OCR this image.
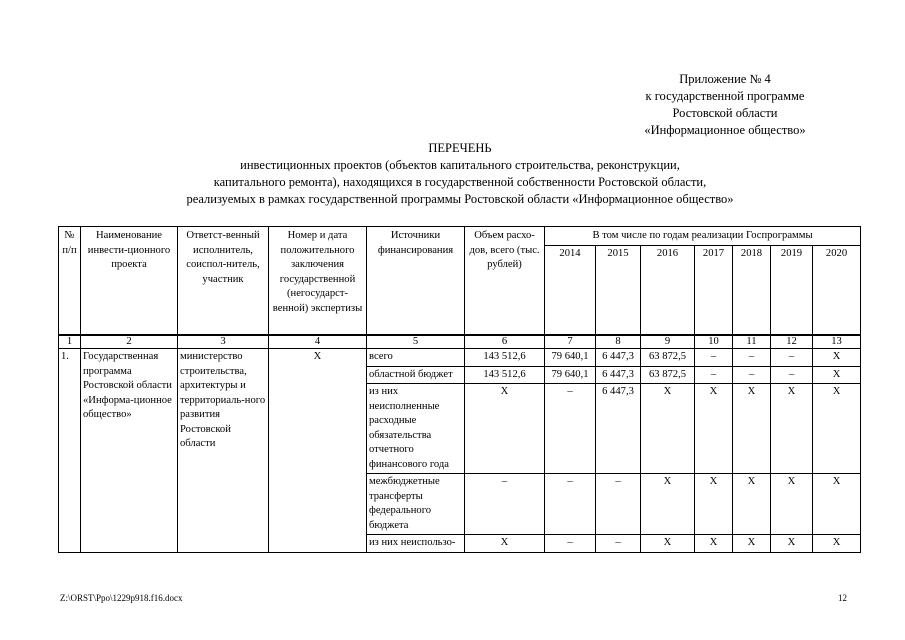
Приложение № 4
к государственной программе
Ростовской области
«Информационное общество»
ПЕРЕЧЕНЬ
инвестиционных проектов (объектов капитального строительства, реконструкции,
капитального ремонта), находящихся в государственной собственности Ростовской области,
реализуемых в рамках государственной программы Ростовской области «Информационное общество»
№ п/п	Наименование инвести-ционного проекта	Ответст-венный исполнитель, соиспол-нитель, участник	Номер и дата положительного заключения государственной (негосударст-венной) экспертизы	Источники финансирования	Объем расхо-дов, всего (тыс. рублей)	В том числе по годам реализации Госпрограммы						
						2014	2015	2016	2017	2018	2019	2020
1	2	3	4	5	6	7	8	9	10	11	12	13
1.	Государственная программа Ростовской области «Информа-ционное общество»	министерство строительства, архитектуры и территориаль-ного развития Ростовской области	Х	всего	143 512,6	79 640,1	6 447,3	63 872,5	–	–	–	Х
				областной бюджет	143 512,6	79 640,1	6 447,3	63 872,5	–	–	–	Х
				из них неисполненные расходные обязательства отчетного финансового года	Х	–	6 447,3	Х	Х	Х	Х	Х
				межбюджетные трансферты федерального бюджета	–	–	–	Х	Х	Х	Х	Х
				из них неиспользо-	Х	–	–	Х	Х	Х	Х	Х
Z:\ORST\Ppo\1229p918.f16.docx	12
